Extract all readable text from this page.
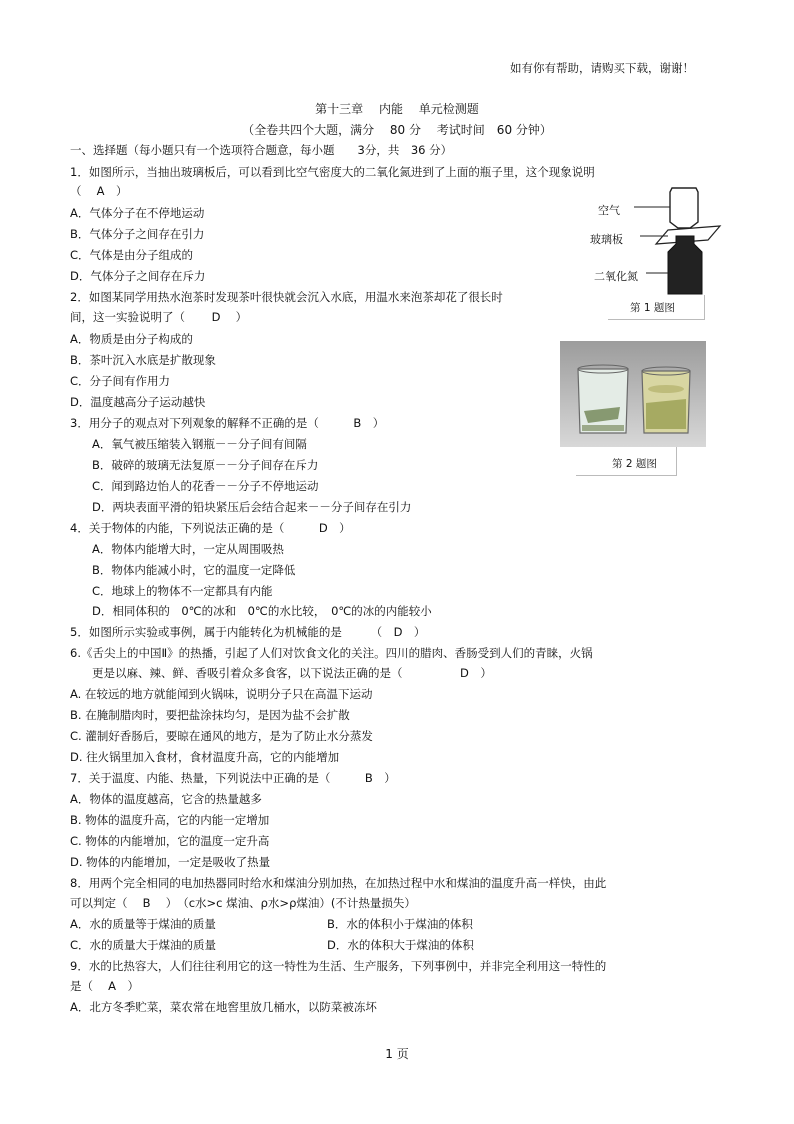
如有你有帮助，请购买下载，谢谢！
第十三章　 内能　 单元检测题
（全卷共四个大题，满分　 80 分　 考试时间　60 分钟）
一、选择题（每小题只有一个选项符合题意，每小题　　3分，共　36 分）
1．如图所示，当抽出玻璃板后，可以看到比空气密度大的二氧化氮进到了上面的瓶子里，这个现象说明
（　 A　）
A．气体分子在不停地运动
B．气体分子之间存在引力
C．气体是由分子组成的
D．气体分子之间存在斥力
空气
玻璃板
二氧化氮
第 1 题图
2．如图某同学用热水泡茶时发现茶叶很快就会沉入水底，用温水来泡茶却花了很长时
间，这一实验说明了（　　 D　 ）
A．物质是由分子构成的
B．茶叶沉入水底是扩散现象
C．分子间有作用力
D．温度越高分子运动越快
第 2 题图
3．用分子的观点对下列观象的解释不正确的是（　　　B　）
A．氧气被压缩装入钢瓶－－分子间有间隔
B．破碎的玻璃无法复原－－分子间存在斥力
C．闻到路边怡人的花香－－分子不停地运动
D．两块表面平滑的铅块紧压后会结合起来－－分子间存在引力
4．关于物体的内能，下列说法正确的是（　　　D　）
A．物体内能增大时，一定从周围吸热
B．物体内能减小时，它的温度一定降低
C．地球上的物体不一定都具有内能
D．相同体积的　0℃的冰和　0℃的水比较，　0℃的冰的内能较小
5．如图所示实验或事例，属于内能转化为机械能的是　　　（　D　）
6.《舌尖上的中国Ⅱ》的热播，引起了人们对饮食文化的关注。四川的腊肉、香肠受到人们的青睐，火锅
更是以麻、辣、鲜、香吸引着众多食客，以下说法正确的是（　　　　　D　）
A. 在较远的地方就能闻到火锅味，说明分子只在高温下运动
B. 在腌制腊肉时，要把盐涂抹均匀，是因为盐不会扩散
C. 灌制好香肠后，要晾在通风的地方，是为了防止水分蒸发
D. 往火锅里加入食材，食材温度升高，它的内能增加
7．关于温度、内能、热量，下列说法中正确的是（　　　B　）
A．物体的温度越高，它含的热量越多
B. 物体的温度升高，它的内能一定增加
C. 物体的内能增加，它的温度一定升高
D. 物体的内能增加，一定是吸收了热量
8．用两个完全相同的电加热器同时给水和煤油分别加热，在加热过程中水和煤油的温度升高一样快，由此
可以判定（　 B　 ）　（c水>c 煤油、ρ水>ρ煤油）(不计热量损失）
A．水的质量等于煤油的质量	B．水的体积小于煤油的体积
C．水的质量大于煤油的质量	D．水的体积大于煤油的体积
9．水的比热容大，人们往往利用它的这一特性为生活、生产服务，下列事例中，并非完全利用这一特性的
是（　 A　）
A．北方冬季贮菜，菜农常在地窖里放几桶水，以防菜被冻坏
1 页
